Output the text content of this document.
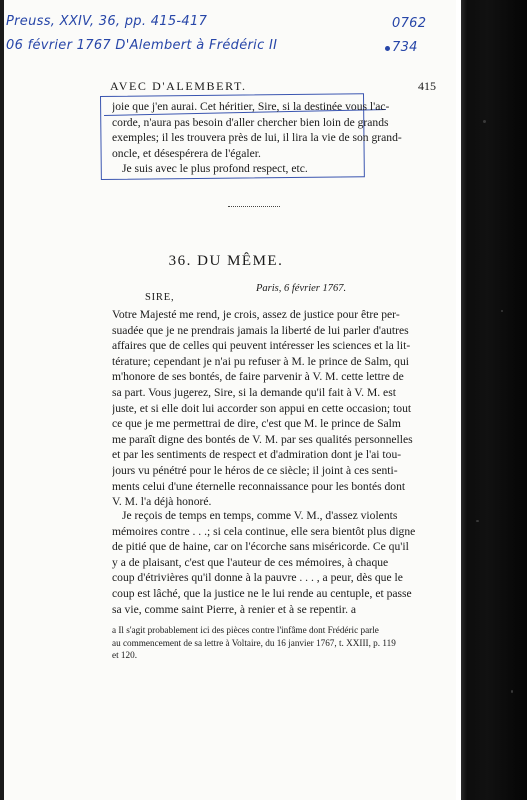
Preuss, XXIV, 36, pp. 415-417
06 février 1767 D'Alembert à Frédéric II
0762
734
AVEC D'ALEMBERT.	415
joie que j'en aurai. Cet héritier, Sire, si la destinée vous l'ac-
corde, n'aura pas besoin d'aller chercher bien loin de grands
exemples; il les trouvera près de lui, il lira la vie de son grand-
oncle, et désespérera de l'égaler.
Je suis avec le plus profond respect, etc.
36. DU MÊME.
Paris, 6 février 1767.
SIRE,
Votre Majesté me rend, je crois, assez de justice pour être per-
suadée que je ne prendrais jamais la liberté de lui parler d'autres
affaires que de celles qui peuvent intéresser les sciences et la lit-
térature; cependant je n'ai pu refuser à M. le prince de Salm, qui
m'honore de ses bontés, de faire parvenir à V. M. cette lettre de
sa part. Vous jugerez, Sire, si la demande qu'il fait à V. M. est
juste, et si elle doit lui accorder son appui en cette occasion; tout
ce que je me permettrai de dire, c'est que M. le prince de Salm
me paraît digne des bontés de V. M. par ses qualités personnelles
et par les sentiments de respect et d'admiration dont je l'ai tou-
jours vu pénétré pour le héros de ce siècle; il joint à ces senti-
ments celui d'une éternelle reconnaissance pour les bontés dont
V. M. l'a déjà honoré.
Je reçois de temps en temps, comme V. M., d'assez violents
mémoires contre . . .; si cela continue, elle sera bientôt plus digne
de pitié que de haine, car on l'écorche sans miséricorde. Ce qu'il
y a de plaisant, c'est que l'auteur de ces mémoires, à chaque
coup d'étrivières qu'il donne à la pauvre . . . , a peur, dès que le
coup est lâché, que la justice ne le lui rende au centuple, et passe
sa vie, comme saint Pierre, à renier et à se repentir. a
a Il s'agit probablement ici des pièces contre l'infâme dont Frédéric parle
au commencement de sa lettre à Voltaire, du 16 janvier 1767, t. XXIII, p. 119
et 120.
